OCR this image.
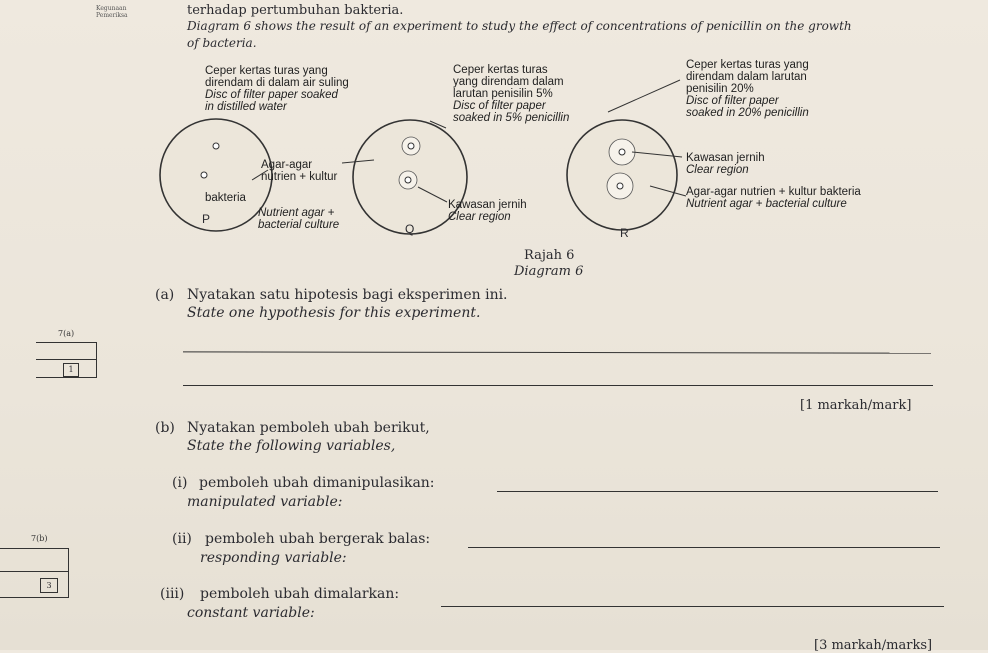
Kegunaan
Pemeriksa	terhadap pertumbuhan bakteria.
Diagram 6 shows the result of an experiment to study the effect of concentrations of penicillin on the growth
of bacteria.
Ceper kertas turas yang
direndam di dalam air suling
Disc of filter paper soaked
in distilled water
Agar-agar
nutrien + kultur
bakteria
Nutrient agar +
bacterial culture
P
Ceper kertas turas
yang direndam dalam
larutan penisilin 5%
Disc of filter paper
soaked in 5% penicillin
Kawasan jernih
Clear region
Q
Ceper kertas turas yang
direndam dalam larutan
penisilin 20%
Disc of filter paper
soaked in 20% penicillin
Kawasan jernih
Clear region
Agar-agar nutrien + kultur bakteria
Nutrient agar + bacterial culture
R
Rajah 6
Diagram 6
(a) Nyatakan satu hipotesis bagi eksperimen ini.
State one hypothesis for this experiment.
7(a)
1
[1 markah/mark]
(b) Nyatakan pemboleh ubah berikut,
State the following variables,
(i) pemboleh ubah dimanipulasikan:
manipulated variable:
(ii) pemboleh ubah bergerak balas:
responding variable:
(iii) pemboleh ubah dimalarkan:
constant variable:
[3 markah/marks]
7(b)
3
